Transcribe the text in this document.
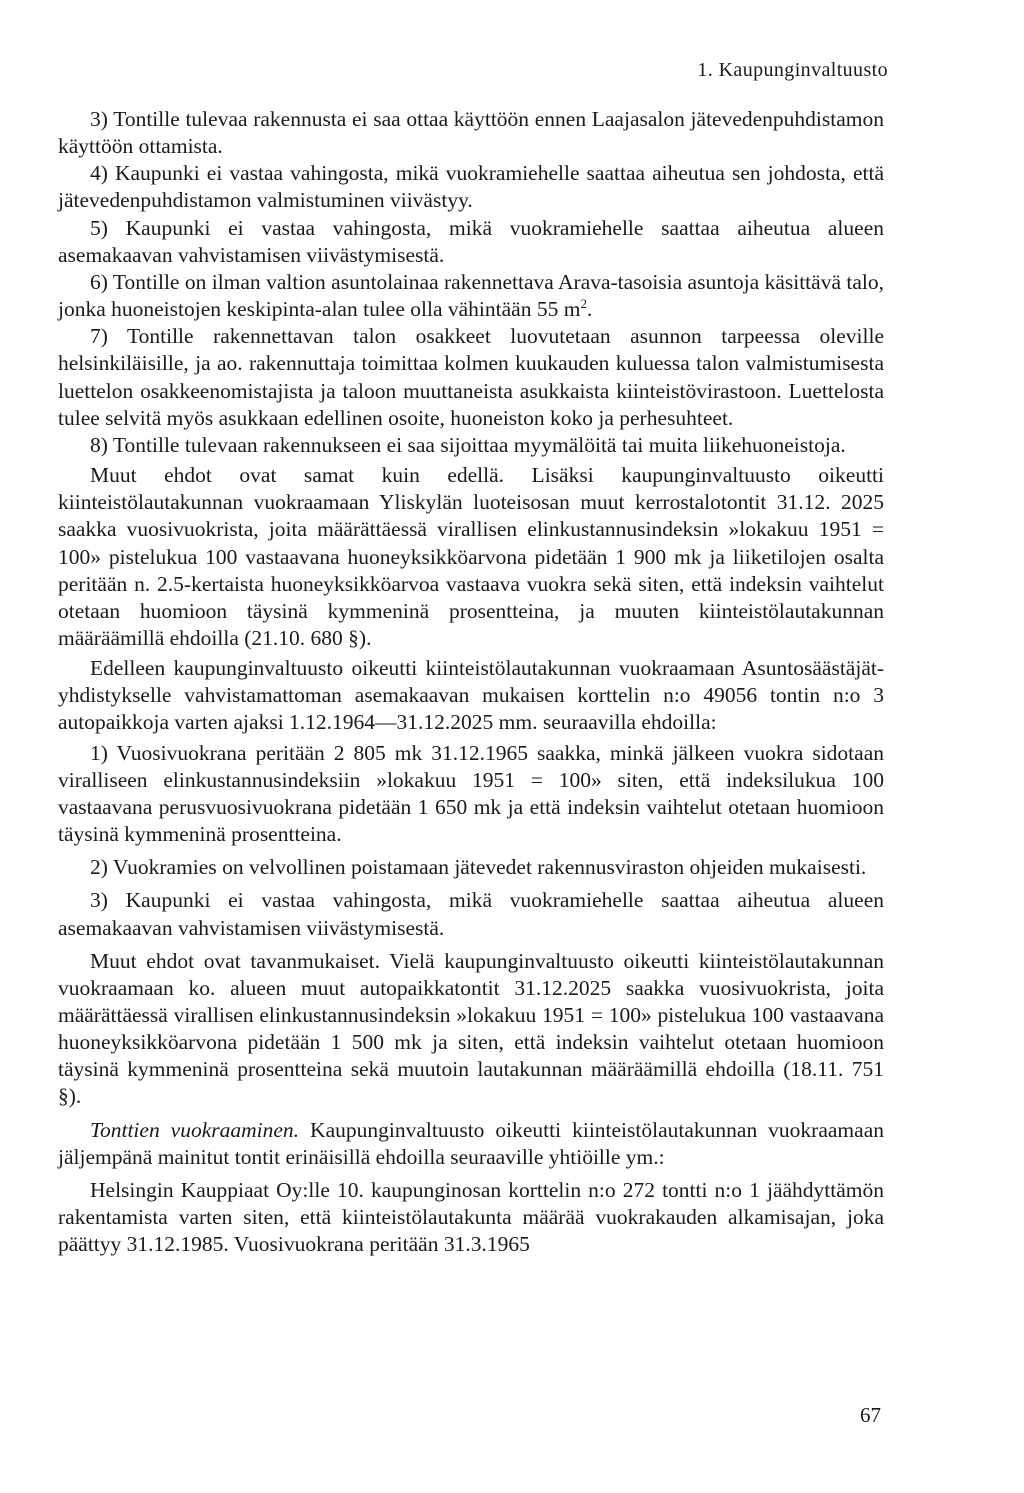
1. Kaupunginvaltuusto

3) Tontille tulevaa rakennusta ei saa ottaa käyttöön ennen Laajasalon jätevedenpuhdistamon käyttöön ottamista.

4) Kaupunki ei vastaa vahingosta, mikä vuokramiehelle saattaa aiheutua sen johdosta, että jätevedenpuhdistamon valmistuminen viivästyy.

5) Kaupunki ei vastaa vahingosta, mikä vuokramiehelle saattaa aiheutua alueen asemakaavan vahvistamisen viivästymisestä.

6) Tontille on ilman valtion asuntolainaa rakennettava Arava-tasoisia asuntoja käsittävä talo, jonka huoneistojen keskipinta-alan tulee olla vähintään 55 $m^2$.

7) Tontille rakennettavan talon osakkeet luovutetaan asunnon tarpeessa oleville helsinkiläisille, ja ao. rakennuttaja toimittaa kolmen kuukauden kuluessa talon valmistumisesta luettelon osakkeenomistajista ja taloon muuttaneista asukkaista kiinteistövirastoon. Luettelosta tulee selvitä myös asukkaan edellinen osoite, huoneiston koko ja perhesuhteet.

8) Tontille tulevaan rakennukseen ei saa sijoittaa myymälöitä tai muita liikehuoneistoja.

Muut ehdot ovat samat kuin edellä. Lisäksi kaupunginvaltuusto oikeutti kiinteistölautakunnan vuokraamaan Yliskylän luoteisosan muut kerrostalotontit 31.12. 2025 saakka vuosivuokrista, joita määrättäessä virallisen elinkustannusindeksin »lokakuu 1951 = 100» pistelukua 100 vastaavana huoneyksikköarvona pidetään 1 900 mk ja liiketilojen osalta peritään n. 2.5-kertaista huoneyksikköarvoa vastaava vuokra sekä siten, että indeksin vaihtelut otetaan huomioon täysinä kymmeninä prosentteina, ja muuten kiinteistölautakunnan määräämillä ehdoilla (21.10. 680 §).

Edelleen kaupunginvaltuusto oikeutti kiinteistölautakunnan vuokraamaan Asuntosäästäjät-yhdistykselle vahvistamattoman asemakaavan mukaisen korttelin n:o 49056 tontin n:o 3 autopaikkoja varten ajaksi 1.12.1964—31.12.2025 mm. seuraavilla ehdoilla:

1) Vuosivuokrana peritään 2 805 mk 31.12.1965 saakka, minkä jälkeen vuokra sidotaan viralliseen elinkustannusindeksiin »lokakuu 1951 = 100» siten, että indeksilukua 100 vastaavana perusvuosivuokrana pidetään 1 650 mk ja että indeksin vaihtelut otetaan huomioon täysinä kymmeninä prosentteina.

2) Vuokramies on velvollinen poistamaan jätevedet rakennusviraston ohjeiden mukaisesti.

3) Kaupunki ei vastaa vahingosta, mikä vuokramiehelle saattaa aiheutua alueen asemakaavan vahvistamisen viivästymisestä.

Muut ehdot ovat tavanmukaiset. Vielä kaupunginvaltuusto oikeutti kiinteistölautakunnan vuokraamaan ko. alueen muut autopaikkatontit 31.12.2025 saakka vuosivuokrista, joita määrättäessä virallisen elinkustannusindeksin »lokakuu 1951 = 100» pistelukua 100 vastaavana huoneyksikköarvona pidetään 1 500 mk ja siten, että indeksin vaihtelut otetaan huomioon täysinä kymmeninä prosentteina sekä muutoin lautakunnan määräämillä ehdoilla (18.11. 751 §).

Tonttien vuokraaminen. Kaupunginvaltuusto oikeutti kiinteistölautakunnan vuokraamaan jäljempänä mainitut tontit erinäisillä ehdoilla seuraaville yhtiöille ym.:

Helsingin Kauppiaat Oy:lle 10. kaupunginosan korttelin n:o 272 tontti n:o 1 jäähdyttämön rakentamista varten siten, että kiinteistölautakunta määrää vuokrakauden alkamisajan, joka päättyy 31.12.1985. Vuosivuokrana peritään 31.3.1965

67
